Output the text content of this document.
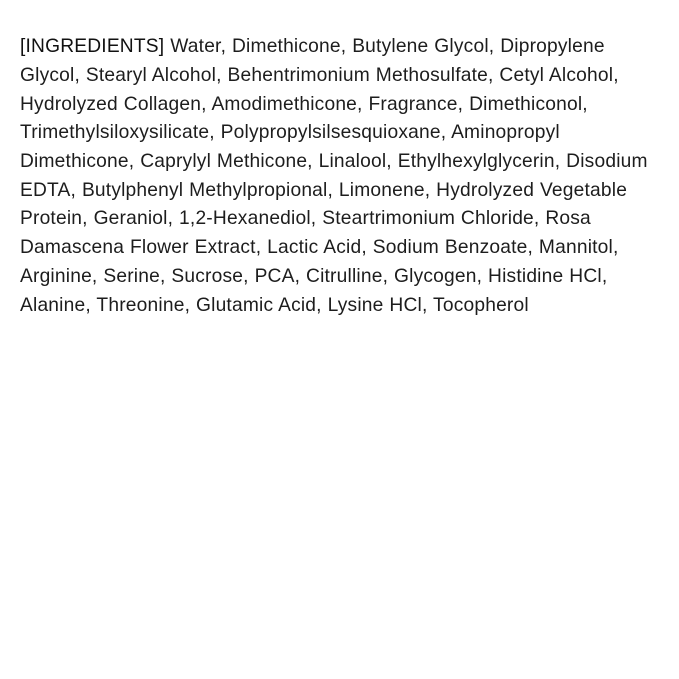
[INGREDIENTS] Water, Dimethicone, Butylene Glycol, Dipropylene Glycol, Stearyl Alcohol, Behentrimonium Methosulfate, Cetyl Alcohol, Hydrolyzed Collagen, Amodimethicone, Fragrance, Dimethiconol, Trimethylsiloxysilicate, Polypropylsilsesquioxane, Aminopropyl Dimethicone, Caprylyl Methicone, Linalool, Ethylhexylglycerin, Disodium EDTA, Butylphenyl Methylpropional, Limonene, Hydrolyzed Vegetable Protein, Geraniol, 1,2-Hexanediol, Steartrimonium Chloride, Rosa Damascena Flower Extract, Lactic Acid, Sodium Benzoate, Mannitol, Arginine, Serine, Sucrose, PCA, Citrulline, Glycogen, Histidine HCl, Alanine, Threonine, Glutamic Acid, Lysine HCl, Tocopherol
